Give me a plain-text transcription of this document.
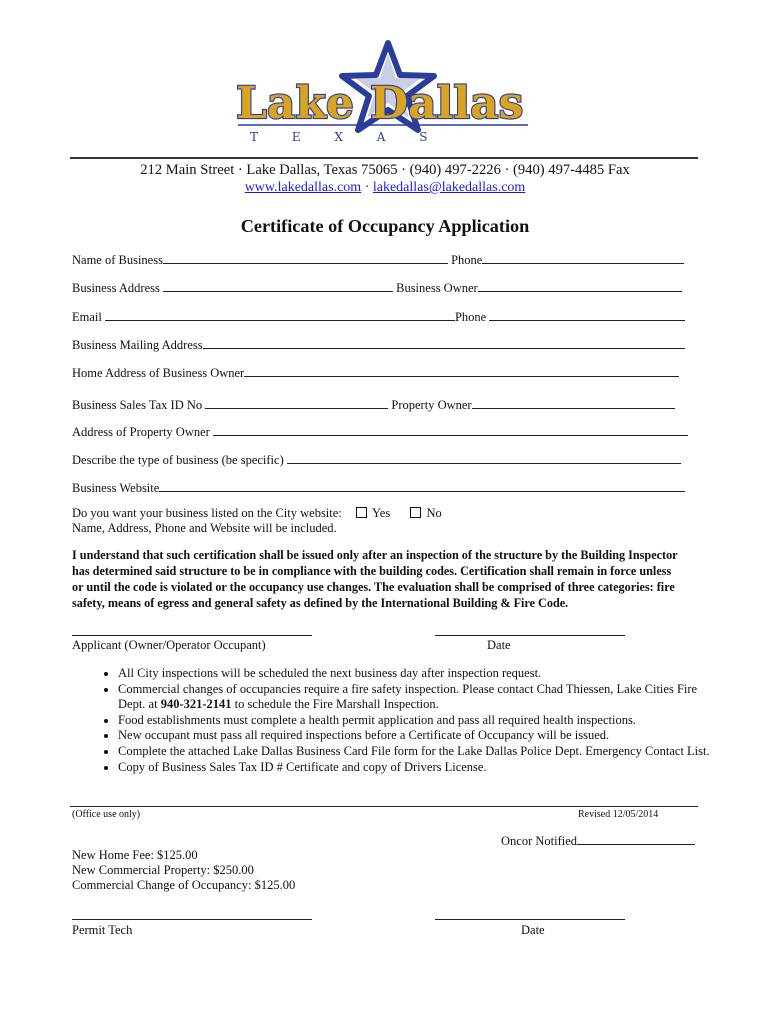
Lake Dallas
T E X A S
212 Main Street · Lake Dallas, Texas 75065 · (940) 497-2226 · (940) 497-4485 Fax
www.lakedallas.com · lakedallas@lakedallas.com
Certificate of Occupancy Application
Name of Business	Phone
Business Address	Business Owner
Email	Phone
Business Mailing Address
Home Address of Business Owner
Business Sales Tax ID No	Property Owner
Address of Property Owner
Describe the type of business (be specific)
Business Website
Do you want your business listed on the City website: Yes	No
Name, Address, Phone and Website will be included.
I understand that such certification shall be issued only after an inspection of the structure by the Building Inspector has determined said structure to be in compliance with the building codes. Certification shall remain in force unless or until the code is violated or the occupancy use changes. The evaluation shall be comprised of three categories: fire safety, means of egress and general safety as defined by the International Building & Fire Code.
Applicant (Owner/Operator Occupant)	Date
• All City inspections will be scheduled the next business day after inspection request.
• Commercial changes of occupancies require a fire safety inspection. Please contact Chad Thiessen, Lake Cities Fire Dept. at 940-321-2141 to schedule the Fire Marshall Inspection.
• Food establishments must complete a health permit application and pass all required health inspections.
• New occupant must pass all required inspections before a Certificate of Occupancy will be issued.
• Complete the attached Lake Dallas Business Card File form for the Lake Dallas Police Dept. Emergency Contact List.
• Copy of Business Sales Tax ID # Certificate and copy of Drivers License.
(Office use only)	Revised 12/05/2014
Oncor Notified
New Home Fee: $125.00
New Commercial Property: $250.00
Commercial Change of Occupancy: $125.00
Permit Tech	Date
